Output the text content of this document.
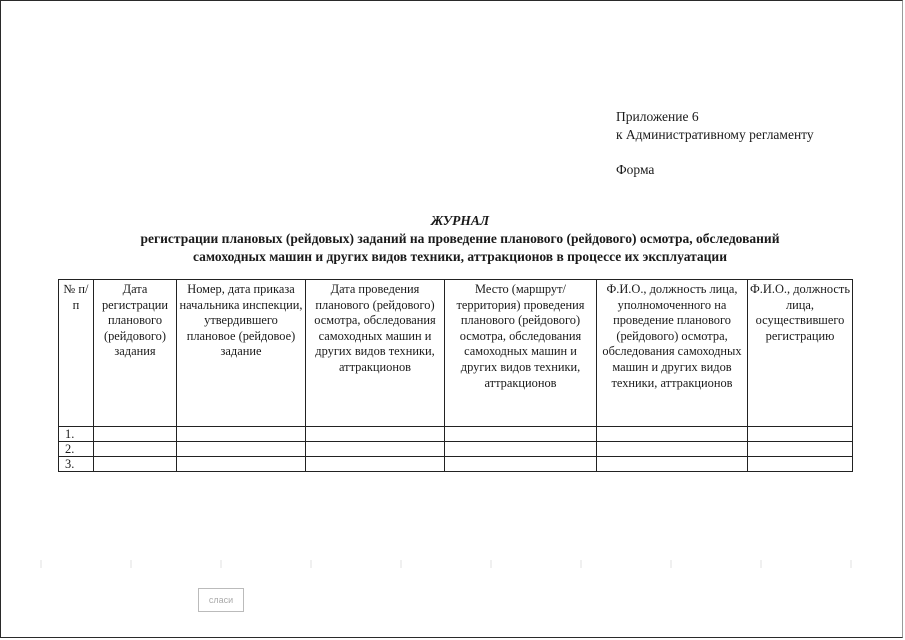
Приложение 6
к Административному регламенту
Форма
ЖУРНАЛ
регистрации плановых (рейдовых) заданий на проведение планового (рейдового) осмотра, обследований
самоходных машин и других видов техники, аттракционов в процессе их эксплуатации
№ п/п	Дата регистрации планового (рейдового) задания	Номер, дата приказа начальника инспекции, утвердившего плановое (рейдовое) задание	Дата проведения планового (рейдового) осмотра, обследования самоходных машин и других видов техники, аттракционов	Место (маршрут/территория) проведения планового (рейдового) осмотра, обследования самоходных машин и других видов техники, аттракционов	Ф.И.О., должность лица, уполномоченного на проведение планового (рейдового) осмотра, обследования самоходных машин и других видов техники, аттракционов	Ф.И.О., должность лица, осуществившего регистрацию
1.						
2.						
3.						
сласи
